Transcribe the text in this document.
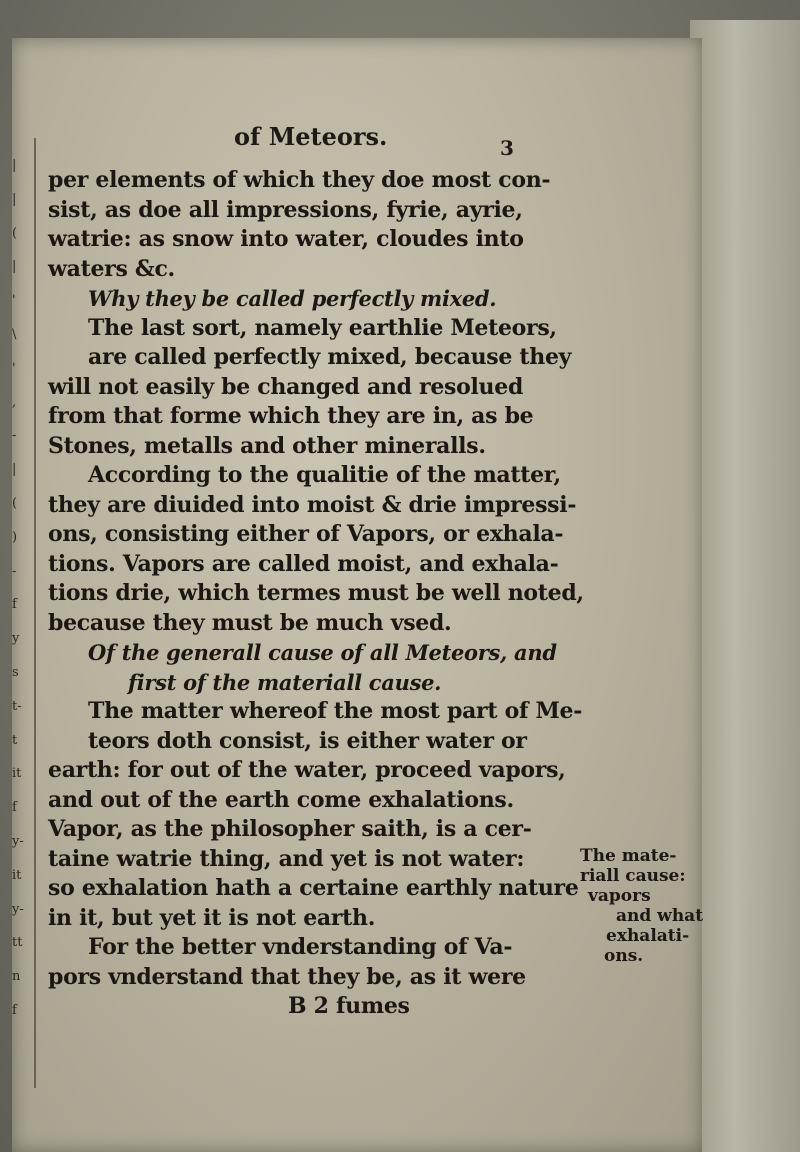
|
|
(
|
'
\
'
,
-
|
(
)
-
f
y
s
t-
t
it
f
y-
it
y-
tt
n
f
of Meteors.	3
per elements of which they doe most con-
sist, as doe all impressions, fyrie, ayrie,
watrie: as snow into water, cloudes into
waters &c.
Why they be called perfectly mixed.
The last sort, namely earthlie Meteors,
are called perfectly mixed, because they
will not easily be changed and resolued
from that forme which they are in, as be
Stones, metalls and other mineralls.
According to the qualitie of the matter,
they are diuided into moist & drie impressi-
ons, consisting either of Vapors, or exhala-
tions. Vapors are called moist, and exhala-
tions drie, which termes must be well noted,
because they must be much vsed.
Of the generall cause of all Meteors, and
first of the materiall cause.
The matter whereof the most part of Me-
teors doth consist, is either water or
earth: for out of the water, proceed vapors,
and out of the earth come exhalations.
Vapor, as the philosopher saith, is a cer-
taine watrie thing, and yet is not water:
so exhalation hath a certaine earthly nature
in it, but yet it is not earth.
For the better vnderstanding of Va-
pors vnderstand that they be, as it were
B 2 fumes
The mate-
riall cause:
vapors
and what
exhalati-
ons.
